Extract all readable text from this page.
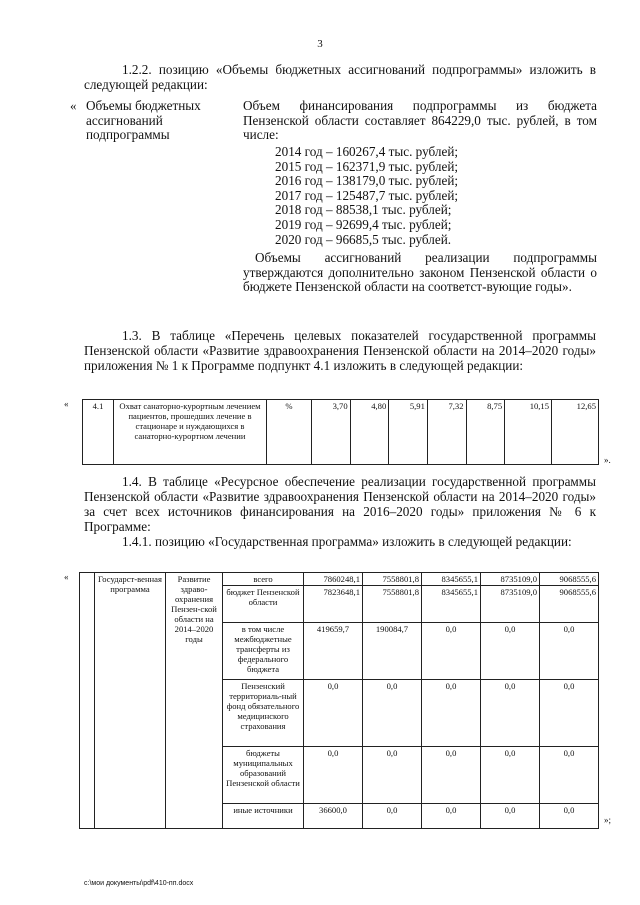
3
1.2.2. позицию «Объемы бюджетных ассигнований подпрограммы» изложить в следующей редакции:
« Объемы бюджетных
ассигнований
подпрограммы
Объем финансирования подпрограммы из бюджета Пензенской области составляет 864229,0 тыс. рублей, в том числе:
2014 год – 160267,4 тыс. рублей;
2015 год – 162371,9 тыс. рублей;
2016 год – 138179,0 тыс. рублей;
2017 год – 125487,7 тыс. рублей;
2018 год – 88538,1 тыс. рублей;
2019 год – 92699,4 тыс. рублей;
2020 год – 96685,5 тыс. рублей.
Объемы ассигнований реализации подпрограммы утверждаются дополнительно законом Пензенской области о бюджете Пензенской области на соответст-вующие годы».
1.3. В таблице «Перечень целевых показателей государственной программы Пензенской области «Развитие здравоохранения Пензенской области на 2014–2020 годы» приложения № 1 к Программе подпункт 4.1 изложить в следующей редакции:
«	4.1	Охват санаторно-курортным лечением пациентов, прошедших лечение в стационаре и нуждающихся в санаторно-курортном лечении	%	3,70	4,80	5,91	7,32	8,75	10,15	12,65
».
1.4. В таблице «Ресурсное обеспечение реализации государственной программы Пензенской области «Развитие здравоохранения Пензенской области на 2014–2020 годы» за счет всех источников финансирования на 2016–2020 годы» приложения № 6 к Программе:
1.4.1. позицию «Государственная программа» изложить в следующей редакции:
«
		Государст-венная программа	Развитие здраво-охранения Пензен-ской области на 2014–2020 годы	всего	7860248,1	7558801,8	8345655,1	8735109,0	9068555,6
			бюджет Пензенской области	7823648,1	7558801,8	8345655,1	8735109,0	9068555,6
			в том числе межбюджетные трансферты из федерального бюджета	419659,7	190084,7	0,0	0,0	0,0
			Пензенский территориаль-ный фонд обязательного медицинского страхования	0,0	0,0	0,0	0,0	0,0
			бюджеты муниципальных образований Пензенской области	0,0	0,0	0,0	0,0	0,0
			иные источники	36600,0	0,0	0,0	0,0	0,0
»;
c:\мои документы\pdf\410-пп.docx
